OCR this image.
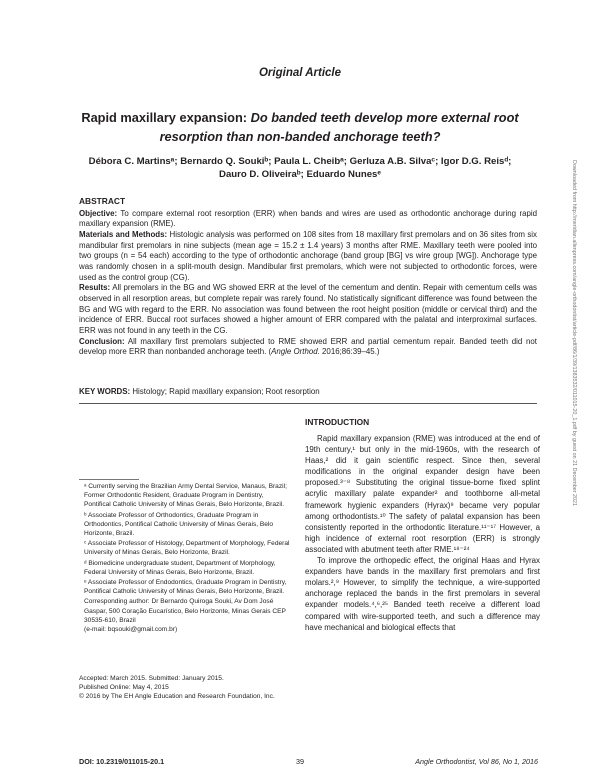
Original Article
Rapid maxillary expansion: Do banded teeth develop more external root resorption than non-banded anchorage teeth?
Débora C. Martinsᵃ; Bernardo Q. Soukiᵇ; Paula L. Cheibᵃ; Gerluza A.B. Silvaᶜ; Igor D.G. Reisᵈ;
Dauro D. Oliveiraᵇ; Eduardo Nunesᵉ

ABSTRACT

Objective: To compare external root resorption (ERR) when bands and wires are used as orthodontic anchorage during rapid maxillary expansion (RME).

Materials and Methods: Histologic analysis was performed on 108 sites from 18 maxillary first premolars and on 36 sites from six mandibular first premolars in nine subjects (mean age = 15.2 ± 1.4 years) 3 months after RME. Maxillary teeth were pooled into two groups (n = 54 each) according to the type of orthodontic anchorage (band group [BG] vs wire group [WG]). Anchorage type was randomly chosen in a split-mouth design. Mandibular first premolars, which were not subjected to orthodontic forces, were used as the control group (CG).

Results: All premolars in the BG and WG showed ERR at the level of the cementum and dentin. Repair with cementum cells was observed in all resorption areas, but complete repair was rarely found. No statistically significant difference was found between the BG and WG with regard to the ERR. No association was found between the root height position (middle or cervical third) and the incidence of ERR. Buccal root surfaces showed a higher amount of ERR compared with the palatal and interproximal surfaces. ERR was not found in any teeth in the CG.

Conclusion: All maxillary first premolars subjected to RME showed ERR and partial cementum repair. Banded teeth did not develop more ERR than nonbanded anchorage teeth. (Angle Orthod. 2016;86:39–45.)

KEY WORDS: Histology; Rapid maxillary expansion; Root resorption
INTRODUCTION

Rapid maxillary expansion (RME) was introduced at the end of 19th century,¹ but only in the mid-1960s, with the research of Haas,² did it gain scientific respect. Since then, several modifications in the original expander design have been proposed.³⁻⁸ Substituting the original tissue-borne fixed splint acrylic maxillary palate expander² and toothborne all-metal framework hygienic expanders (Hyrax)⁹ became very popular among orthodontists.¹⁰ The safety of palatal expansion has been consistently reported in the orthodontic literature.¹¹⁻¹⁷ However, a high incidence of external root resorption (ERR) is strongly associated with abutment teeth after RME.¹⁸⁻²⁴

To improve the orthopedic effect, the original Haas and Hyrax expanders have bands in the maxillary first premolars and first molars.²,⁹ However, to simplify the technique, a wire-supported anchorage replaced the bands in the first premolars in several expander models.⁴,⁶,²⁵ Banded teeth receive a different load compared with wire-supported teeth, and such a difference may have mechanical and biological effects that

ᵃ Currently serving the Brazilian Army Dental Service, Manaus, Brazil; Former Orthodontic Resident, Graduate Program in Dentistry, Pontifical Catholic University of Minas Gerais, Belo Horizonte, Brazil.

ᵇ Associate Professor of Orthodontics, Graduate Program in Orthodontics, Pontifical Catholic University of Minas Gerais, Belo Horizonte, Brazil.

ᶜ Associate Professor of Histology, Department of Morphology, Federal University of Minas Gerais, Belo Horizonte, Brazil.

ᵈ Biomedicine undergraduate student, Department of Morphology, Federal University of Minas Gerais, Belo Horizonte, Brazil.

ᵉ Associate Professor of Endodontics, Graduate Program in Dentistry, Pontifical Catholic University of Minas Gerais, Belo Horizonte, Brazil.

Corresponding author: Dr Bernardo Quiroga Souki, Av Dom José Gaspar, 500 Coração Eucarístico, Belo Horizonte, Minas Gerais CEP 30535-610, Brazil

(e-mail: bqsouki@gmail.com.br)

Accepted: March 2015. Submitted: January 2015.
Published Online: May 4, 2015
© 2016 by The EH Angle Education and Research Foundation, Inc.
DOI: 10.2319/011015-20.1	39	Angle Orthodontist, Vol 86, No 1, 2016
Downloaded from http://meridian.allenpress.com/angle-orthodontist/article-pdf/86/1/39/1383532/011015-20_1.pdf by guest on 21 December 2021
